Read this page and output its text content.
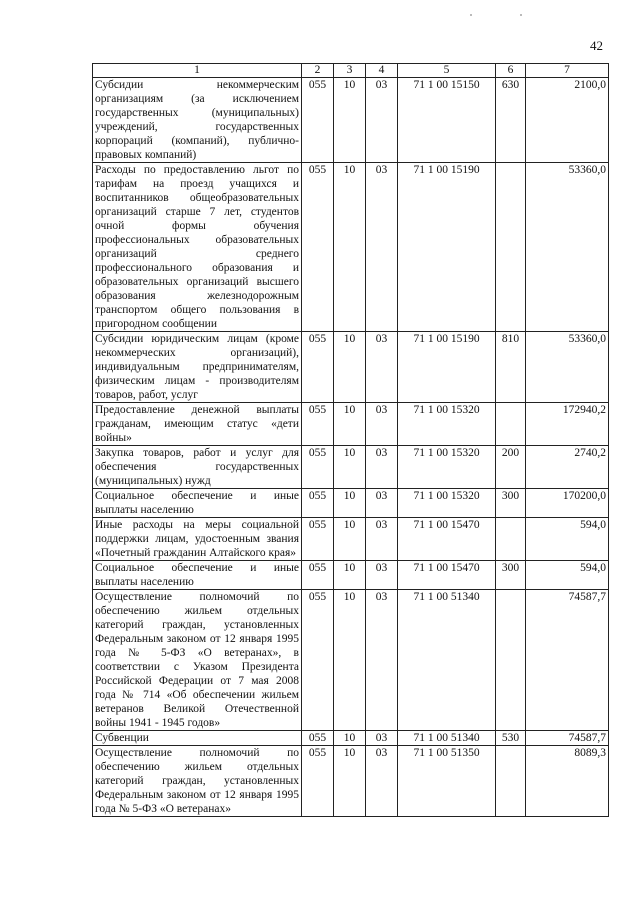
42
1	2	3	4	5	6	7
Субсидии некоммерческим организациям (за исключением государственных (муниципальных) учреждений, государственных корпораций (компаний), публично-правовых компаний)	055	10	03	71 1 00 15150	630	2100,0
Расходы по предоставлению льгот по тарифам на проезд учащихся и воспитанников общеобразовательных организаций старше 7 лет, студентов очной формы обучения профессиональных образовательных организаций среднего профессионального образования и образовательных организаций высшего образования железнодорожным транспортом общего пользования в пригородном сообщении	055	10	03	71 1 00 15190		53360,0
Субсидии юридическим лицам (кроме некоммерческих организаций), индивидуальным предпринимателям, физическим лицам - производителям товаров, работ, услуг	055	10	03	71 1 00 15190	810	53360,0
Предоставление денежной выплаты гражданам, имеющим статус «дети войны»	055	10	03	71 1 00 15320		172940,2
Закупка товаров, работ и услуг для обеспечения государственных (муниципальных) нужд	055	10	03	71 1 00 15320	200	2740,2
Социальное обеспечение и иные выплаты населению	055	10	03	71 1 00 15320	300	170200,0
Иные расходы на меры социальной поддержки лицам, удостоенным звания «Почетный гражданин Алтайского края»	055	10	03	71 1 00 15470		594,0
Социальное обеспечение и иные выплаты населению	055	10	03	71 1 00 15470	300	594,0
Осуществление полномочий по обеспечению жильем отдельных категорий граждан, установленных Федеральным законом от 12 января 1995 года № 5-ФЗ «О ветеранах», в соответствии с Указом Президента Российской Федерации от 7 мая 2008 года № 714 «Об обеспечении жильем ветеранов Великой Отечественной войны 1941 - 1945 годов»	055	10	03	71 1 00 51340		74587,7
Субвенции	055	10	03	71 1 00 51340	530	74587,7
Осуществление полномочий по обеспечению жильем отдельных категорий граждан, установленных Федеральным законом от 12 января 1995 года № 5-ФЗ «О ветеранах»	055	10	03	71 1 00 51350		8089,3
